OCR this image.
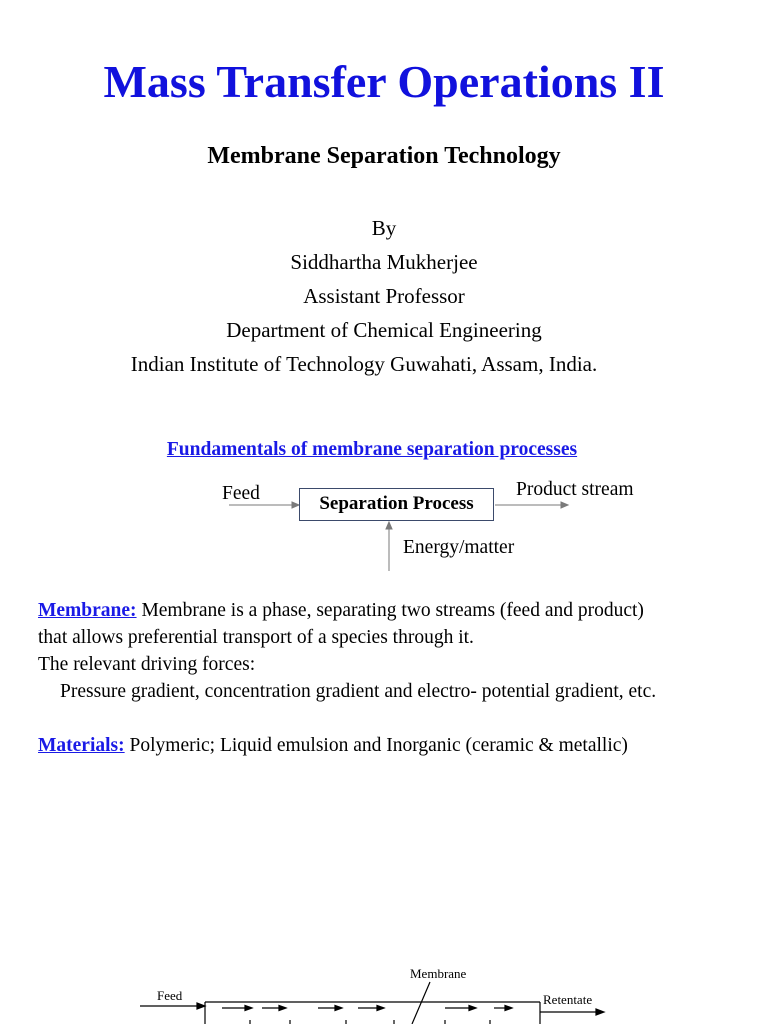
Mass Transfer Operations II
Membrane Separation Technology
By
Siddhartha Mukherjee
Assistant Professor
Department of Chemical Engineering
Indian Institute of Technology Guwahati, Assam, India.
Fundamentals of membrane separation processes
Feed	Separation Process
Product stream
Energy/matter
Membrane: Membrane is a phase, separating two streams (feed and product)
that allows preferential transport of a species through it.
The relevant driving forces:
Pressure gradient, concentration gradient and electro- potential gradient, etc.
Materials: Polymeric; Liquid emulsion and Inorganic (ceramic & metallic)
Membrane
Feed	Retentate
